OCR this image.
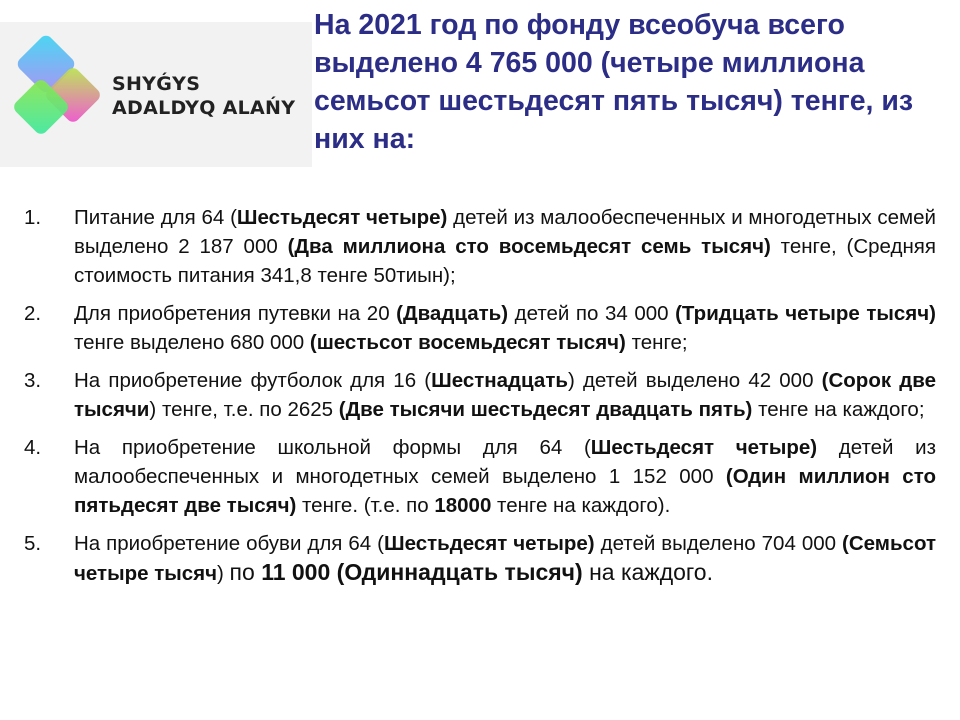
SHYǴYS
ADALDYQ ALAŃY
На 2021 год по фонду всеобуча всего выделено 4 765 000 (четыре миллиона семьсот шестьдесят пять тысяч) тенге, из них на:
1.	Питание для 64 (Шестьдесят четыре) детей из малообеспеченных и многодетных семей выделено 2 187 000 (Два миллиона сто восемьдесят семь тысяч) тенге, (Средняя стоимость питания 341,8 тенге 50тиын);
2.	Для приобретения путевки на 20 (Двадцать) детей по 34 000 (Тридцать четыре тысяч) тенге выделено 680 000 (шестьсот восемьдесят тысяч) тенге;
3.	На приобретение футболок для 16 (Шестнадцать) детей выделено 42 000 (Сорок две тысячи) тенге, т.е. по 2625 (Две тысячи шестьдесят двадцать пять) тенге на каждого;
4.	На приобретение школьной формы для 64 (Шестьдесят четыре) детей из малообеспеченных и многодетных семей выделено 1 152 000 (Один миллион сто пятьдесят две тысяч) тенге. (т.е. по 18000 тенге на каждого).
5.	На приобретение обуви для 64 (Шестьдесят четыре) детей выделено 704 000 (Семьсот четыре тысяч) по 11 000 (Одиннадцать тысяч) на каждого.
